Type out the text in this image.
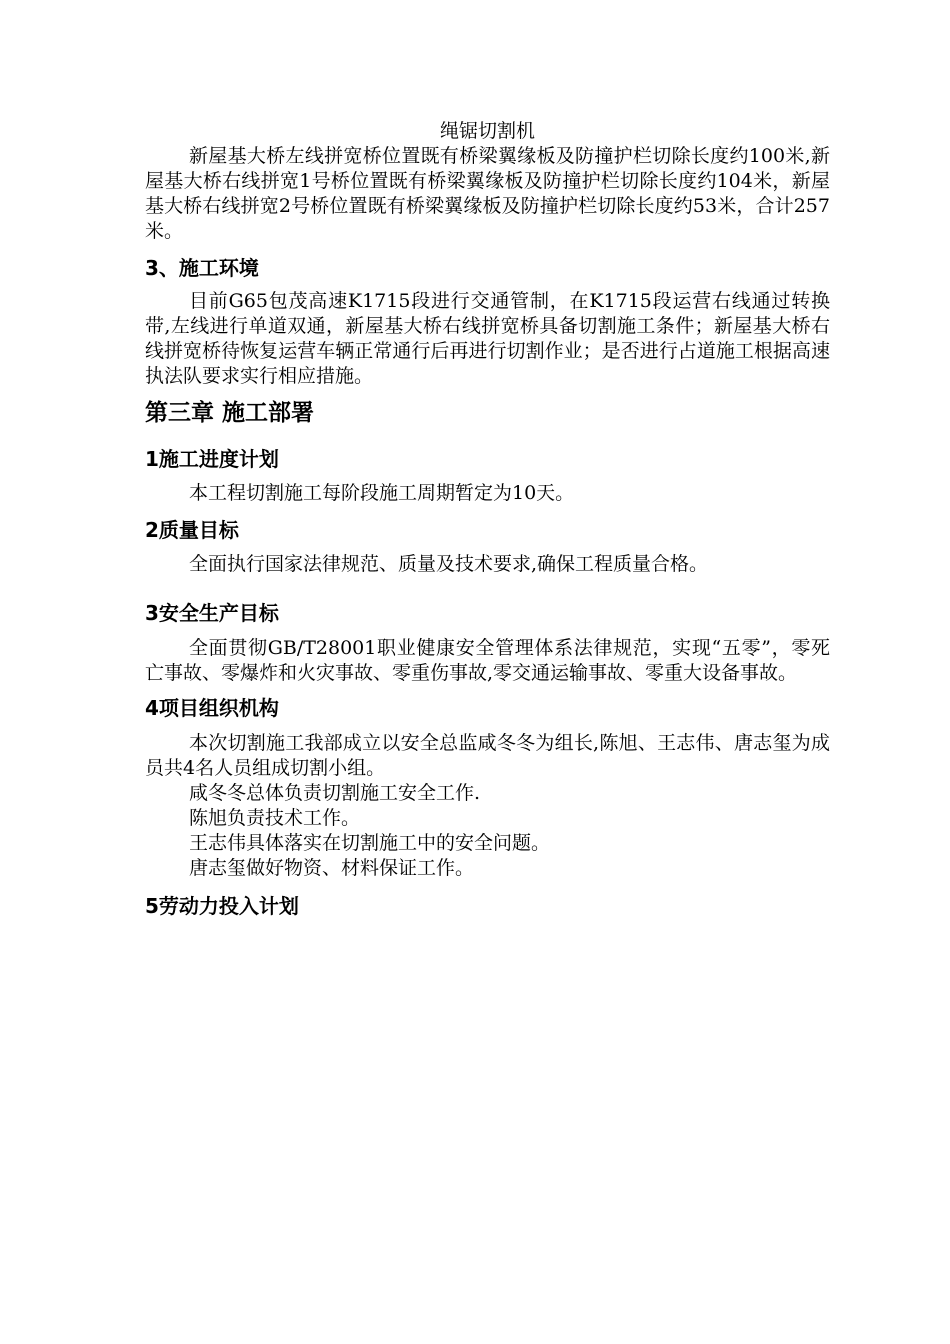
绳锯切割机

新屋基大桥左线拼宽桥位置既有桥梁翼缘板及防撞护栏切除长度约100米,新屋基大桥右线拼宽1号桥位置既有桥梁翼缘板及防撞护栏切除长度约104米，新屋基大桥右线拼宽2号桥位置既有桥梁翼缘板及防撞护栏切除长度约53米，合计257米。

3、施工环境

目前G65包茂高速K1715段进行交通管制，在K1715段运营右线通过转换带,左线进行单道双通，新屋基大桥右线拼宽桥具备切割施工条件；新屋基大桥右线拼宽桥待恢复运营车辆正常通行后再进行切割作业；是否进行占道施工根据高速执法队要求实行相应措施。

第三章 施工部署
1施工进度计划

本工程切割施工每阶段施工周期暂定为10天。

2质量目标

全面执行国家法律规范、质量及技术要求,确保工程质量合格。

3安全生产目标

全面贯彻GB/T28001职业健康安全管理体系法律规范，实现“五零”，零死亡事故、零爆炸和火灾事故、零重伤事故,零交通运输事故、零重大设备事故。

4项目组织机构

本次切割施工我部成立以安全总监咸冬冬为组长,陈旭、王志伟、唐志玺为成员共4名人员组成切割小组。

咸冬冬总体负责切割施工安全工作.

陈旭负责技术工作。

王志伟具体落实在切割施工中的安全问题。

唐志玺做好物资、材料保证工作。

5劳动力投入计划
